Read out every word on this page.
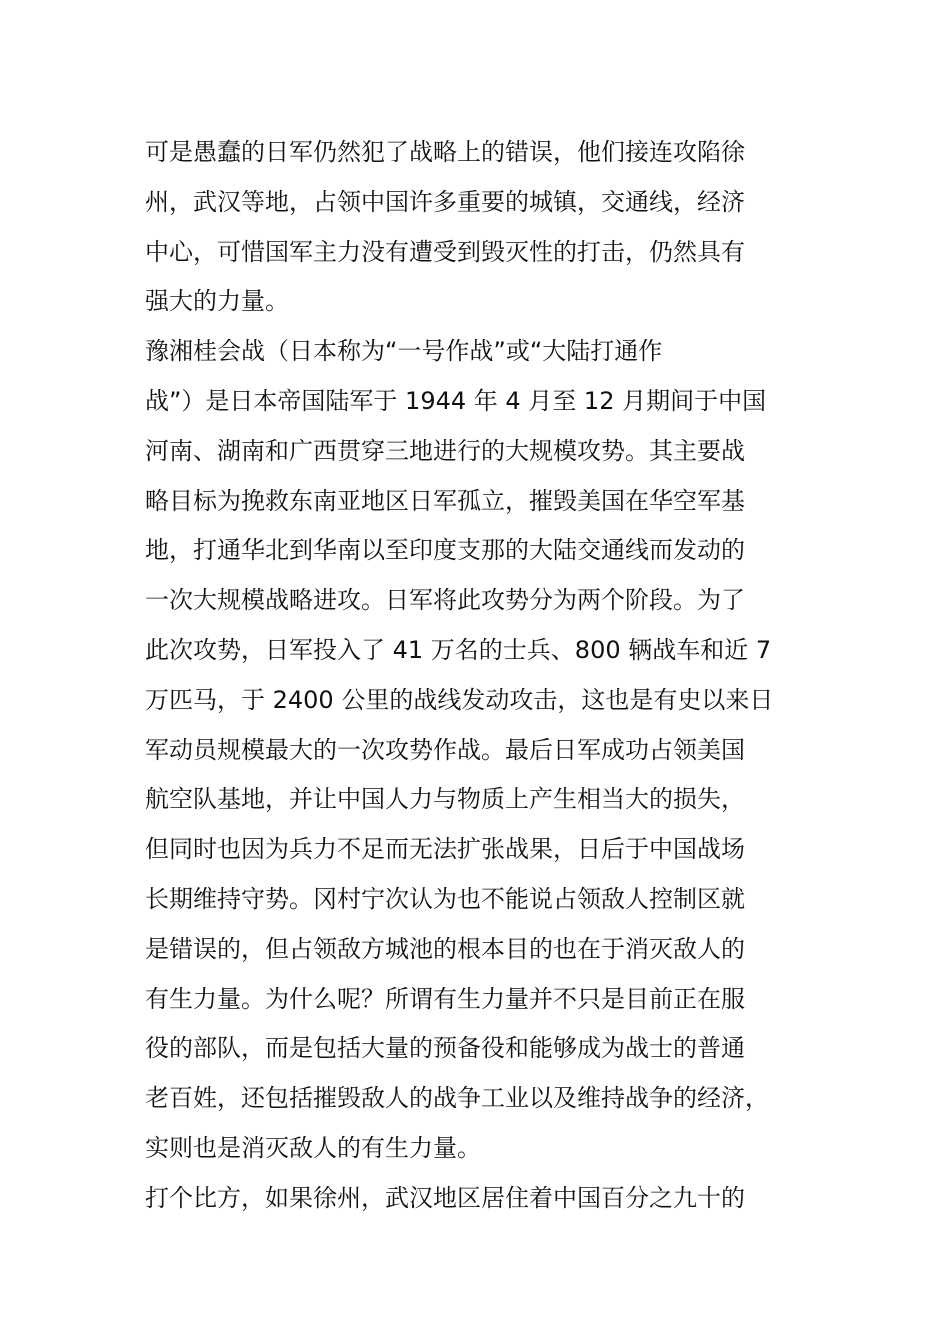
可是愚蠢的日军仍然犯了战略上的错误，他们接连攻陷徐
州，武汉等地，占领中国许多重要的城镇，交通线，经济
中心，可惜国军主力没有遭受到毁灭性的打击，仍然具有
强大的力量。
豫湘桂会战（日本称为“一号作战”或“大陆打通作
战”）是日本帝国陆军于 1944 年 4 月至 12 月期间于中国
河南、湖南和广西贯穿三地进行的大规模攻势。其主要战
略目标为挽救东南亚地区日军孤立，摧毁美国在华空军基
地，打通华北到华南以至印度支那的大陆交通线而发动的
一次大规模战略进攻。日军将此攻势分为两个阶段。为了
此次攻势，日军投入了 41 万名的士兵、800 辆战车和近 7
万匹马，于 2400 公里的战线发动攻击，这也是有史以来日
军动员规模最大的一次攻势作战。最后日军成功占领美国
航空队基地，并让中国人力与物质上产生相当大的损失，
但同时也因为兵力不足而无法扩张战果，日后于中国战场
长期维持守势。冈村宁次认为也不能说占领敌人控制区就
是错误的，但占领敌方城池的根本目的也在于消灭敌人的
有生力量。为什么呢？所谓有生力量并不只是目前正在服
役的部队，而是包括大量的预备役和能够成为战士的普通
老百姓，还包括摧毁敌人的战争工业以及维持战争的经济，
实则也是消灭敌人的有生力量。
打个比方，如果徐州，武汉地区居住着中国百分之九十的
